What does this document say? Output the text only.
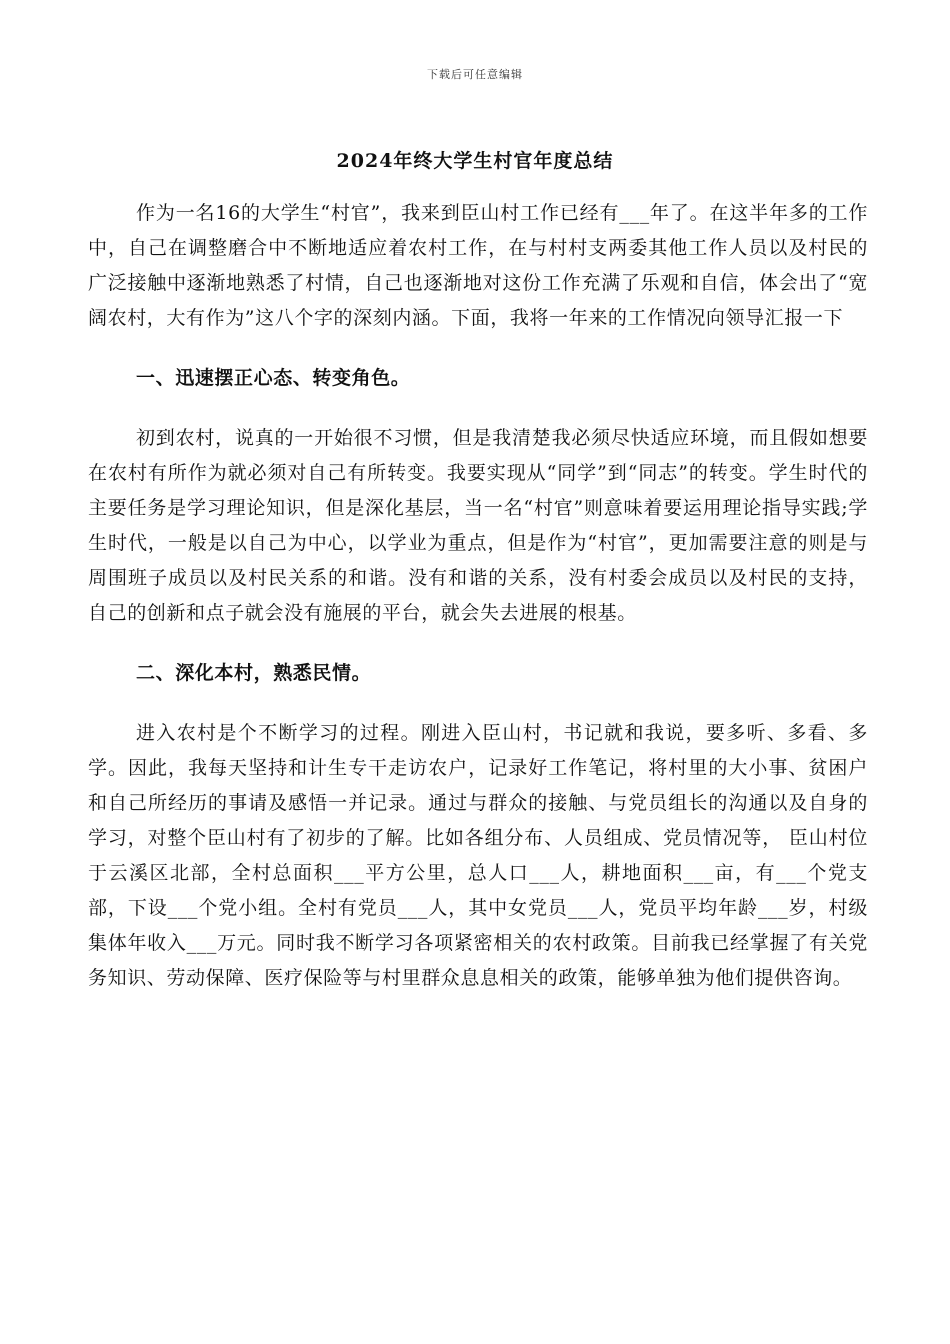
下载后可任意编辑
2024年终大学生村官年度总结

作为一名16的大学生“村官”，我来到臣山村工作已经有___年了。在这半年多的工作中，自己在调整磨合中不断地适应着农村工作，在与村村支两委其他工作人员以及村民的广泛接触中逐渐地熟悉了村情，自己也逐渐地对这份工作充满了乐观和自信，体会出了“宽阔农村，大有作为”这八个字的深刻内涵。下面，我将一年来的工作情况向领导汇报一下

一、迅速摆正心态、转变角色。

初到农村，说真的一开始很不习惯，但是我清楚我必须尽快适应环境，而且假如想要在农村有所作为就必须对自己有所转变。我要实现从“同学”到“同志”的转变。学生时代的主要任务是学习理论知识，但是深化基层，当一名“村官”则意味着要运用理论指导实践;学生时代，一般是以自己为中心，以学业为重点，但是作为“村官”，更加需要注意的则是与周围班子成员以及村民关系的和谐。没有和谐的关系，没有村委会成员以及村民的支持，自己的创新和点子就会没有施展的平台，就会失去进展的根基。

二、深化本村，熟悉民情。

进入农村是个不断学习的过程。刚进入臣山村，书记就和我说，要多听、多看、多学。因此，我每天坚持和计生专干走访农户，记录好工作笔记，将村里的大小事、贫困户和自己所经历的事请及感悟一并记录。通过与群众的接触、与党员组长的沟通以及自身的学习，对整个臣山村有了初步的了解。比如各组分布、人员组成、党员情况等， 臣山村位于云溪区北部，全村总面积___平方公里，总人口___人，耕地面积___亩，有___个党支部，下设___个党小组。全村有党员___人，其中女党员___人，党员平均年龄___岁，村级集体年收入___万元。同时我不断学习各项紧密相关的农村政策。目前我已经掌握了有关党务知识、劳动保障、医疗保险等与村里群众息息相关的政策，能够单独为他们提供咨询。
